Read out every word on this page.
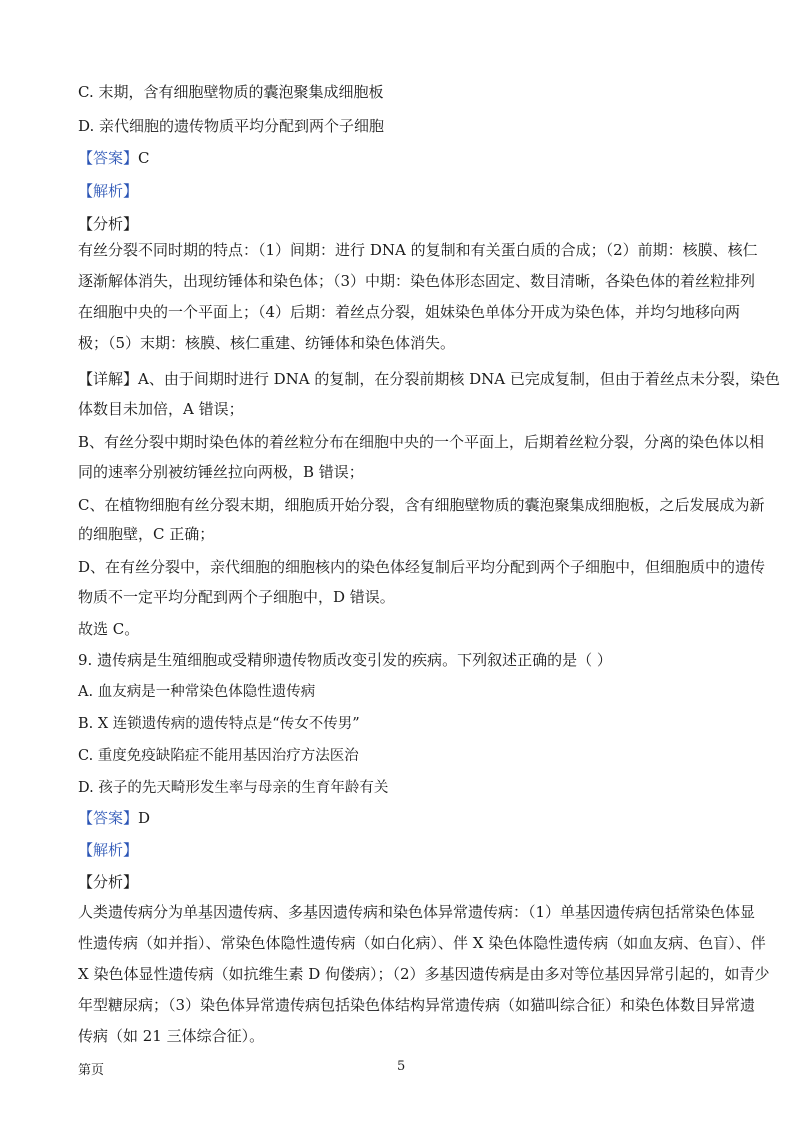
C. 末期，含有细胞壁物质的囊泡聚集成细胞板
D. 亲代细胞的遗传物质平均分配到两个子细胞
【答案】C
【解析】
【分析】
有丝分裂不同时期的特点：（1）间期：进行 DNA 的复制和有关蛋白质的合成；（2）前期：核膜、核仁
逐渐解体消失，出现纺锤体和染色体；（3）中期：染色体形态固定、数目清晰，各染色体的着丝粒排列
在细胞中央的一个平面上；（4）后期：着丝点分裂，姐妹染色单体分开成为染色体，并均匀地移向两
极；（5）末期：核膜、核仁重建、纺锤体和染色体消失。
【详解】A、由于间期时进行 DNA 的复制，在分裂前期核 DNA 已完成复制，但由于着丝点未分裂，染色
体数目未加倍，A 错误；
B、有丝分裂中期时染色体的着丝粒分布在细胞中央的一个平面上，后期着丝粒分裂，分离的染色体以相
同的速率分别被纺锤丝拉向两极，B 错误；
C、在植物细胞有丝分裂末期，细胞质开始分裂，含有细胞壁物质的囊泡聚集成细胞板，之后发展成为新
的细胞壁，C 正确；
D、在有丝分裂中，亲代细胞的细胞核内的染色体经复制后平均分配到两个子细胞中，但细胞质中的遗传
物质不一定平均分配到两个子细胞中，D 错误。
故选 C。
9. 遗传病是生殖细胞或受精卵遗传物质改变引发的疾病。下列叙述正确的是（ ）
A. 血友病是一种常染色体隐性遗传病
B. X 连锁遗传病的遗传特点是“传女不传男”
C. 重度免疫缺陷症不能用基因治疗方法医治
D. 孩子的先天畸形发生率与母亲的生育年龄有关
【答案】D
【解析】
【分析】
人类遗传病分为单基因遗传病、多基因遗传病和染色体异常遗传病：（1）单基因遗传病包括常染色体显
性遗传病（如并指）、常染色体隐性遗传病（如白化病）、伴 X 染色体隐性遗传病（如血友病、色盲）、伴
X 染色体显性遗传病（如抗维生素 D 佝偻病）；（2）多基因遗传病是由多对等位基因异常引起的，如青少
年型糖尿病；（3）染色体异常遗传病包括染色体结构异常遗传病（如猫叫综合征）和染色体数目异常遗
传病（如 21 三体综合征）。
第页	5
